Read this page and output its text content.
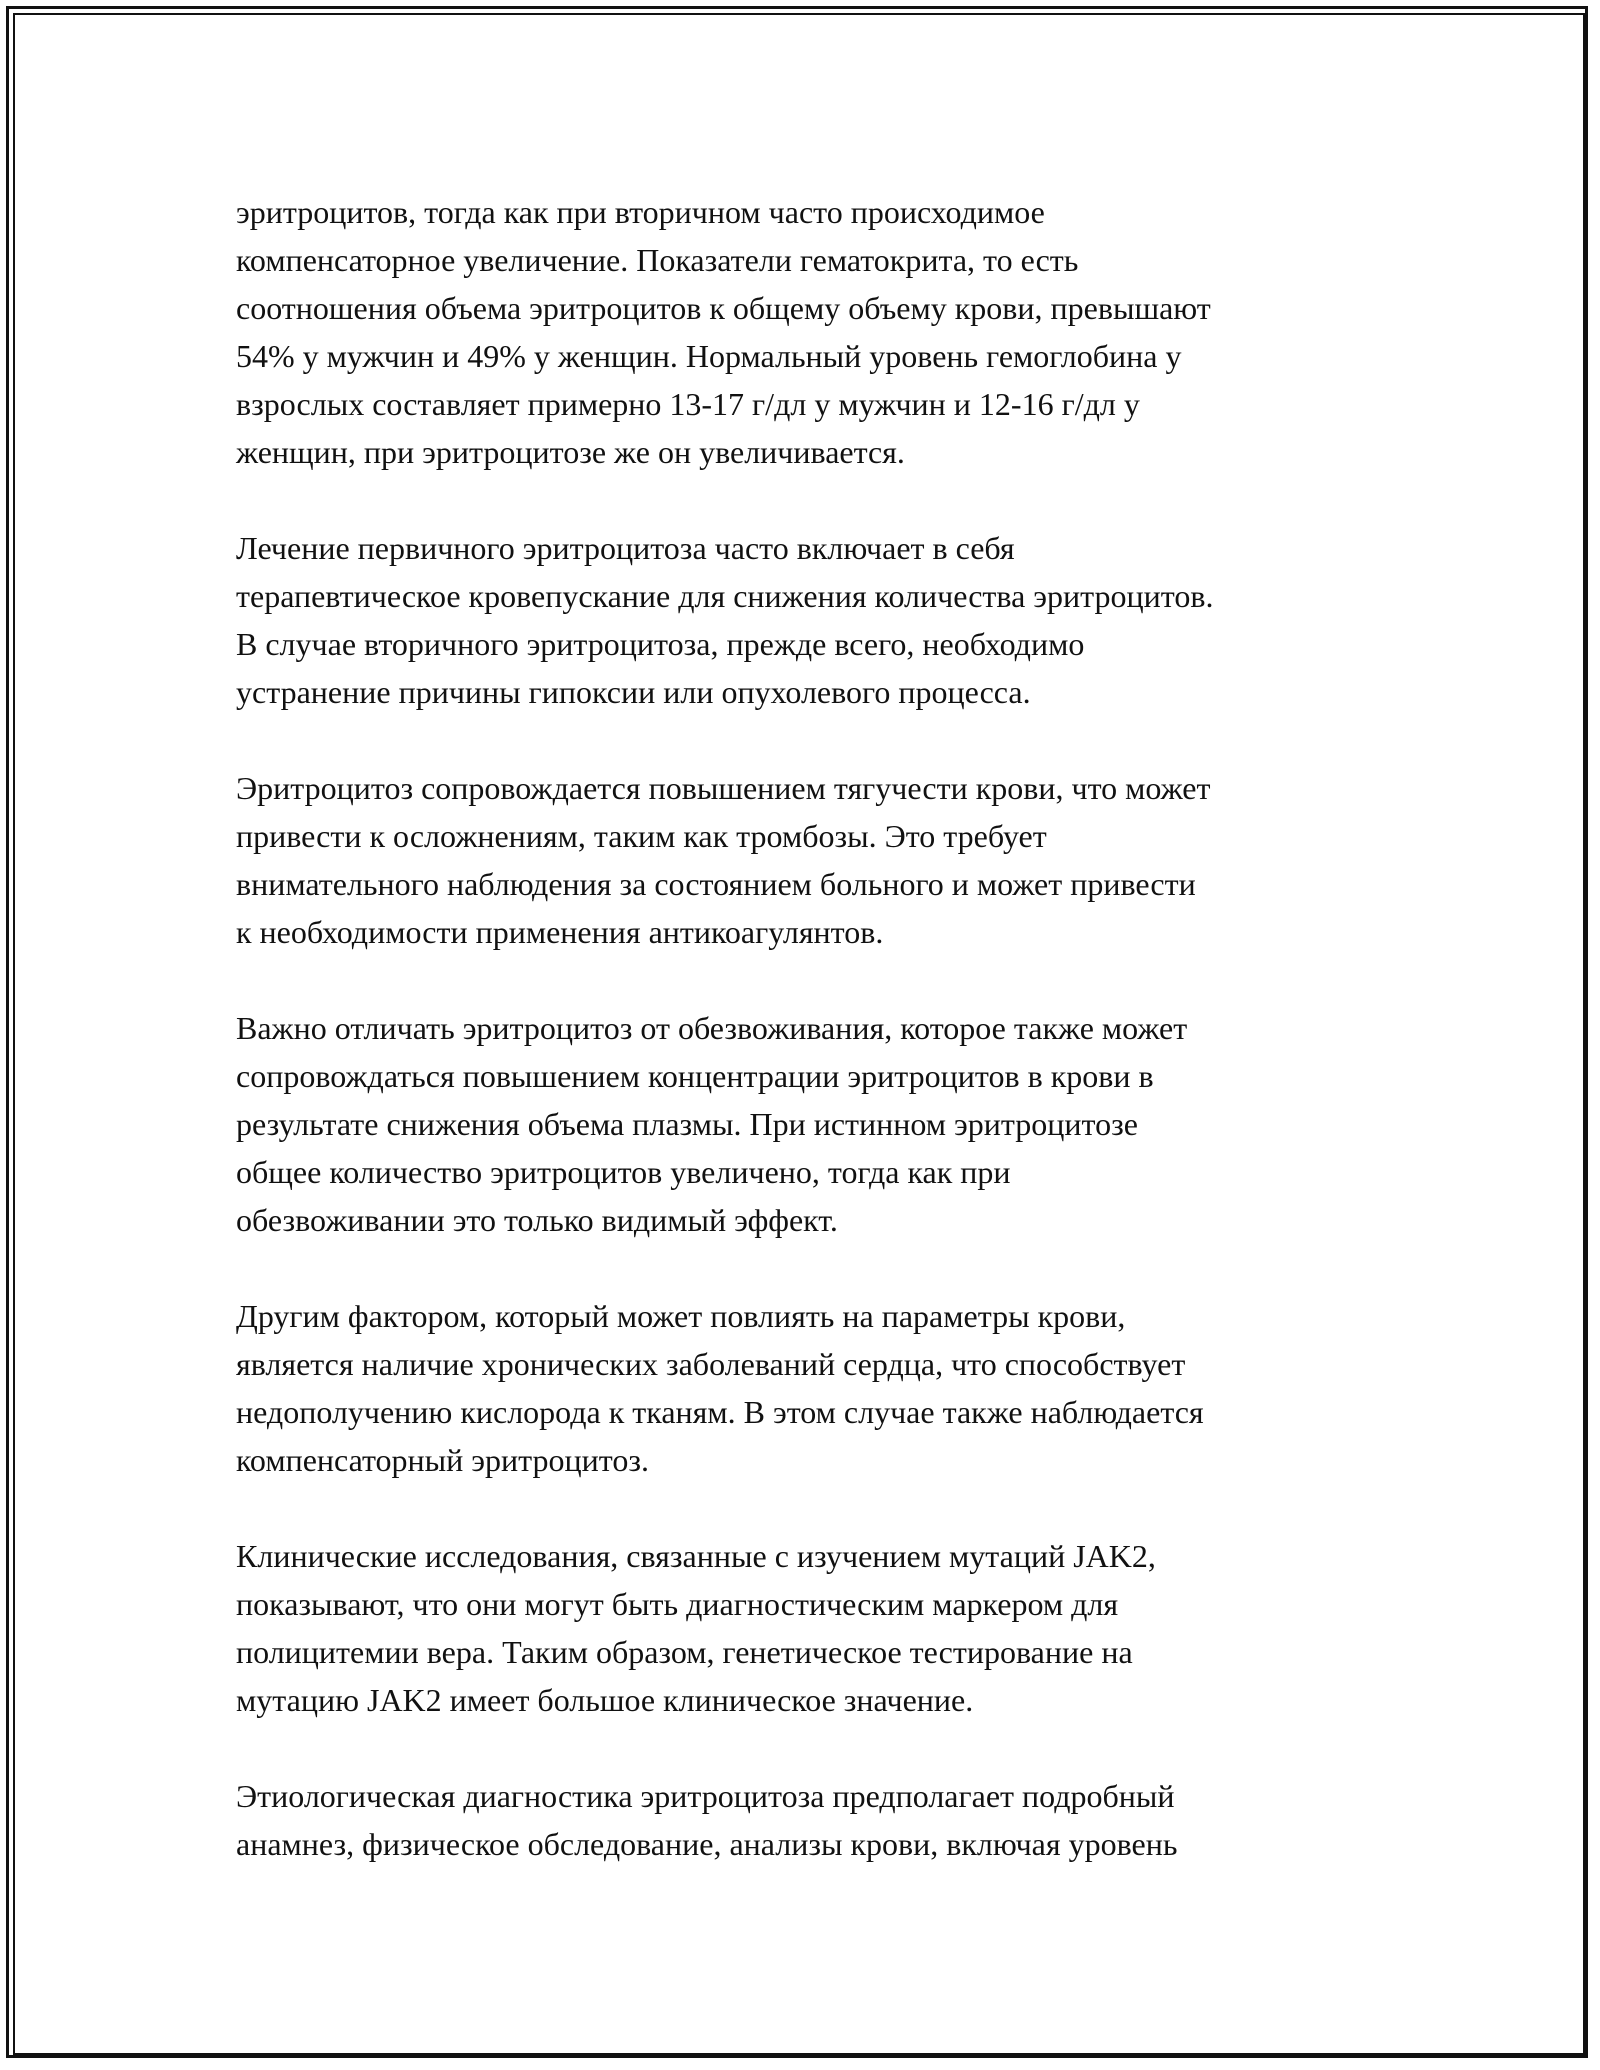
эритроцитов, тогда как при вторичном часто происходимое
компенсаторное увеличение. Показатели гематокрита, то есть
соотношения объема эритроцитов к общему объему крови, превышают
54% у мужчин и 49% у женщин. Нормальный уровень гемоглобина у
взрослых составляет примерно 13-17 г/дл у мужчин и 12-16 г/дл у
женщин, при эритроцитозе же он увеличивается.

Лечение первичного эритроцитоза часто включает в себя
терапевтическое кровепускание для снижения количества эритроцитов.
В случае вторичного эритроцитоза, прежде всего, необходимо
устранение причины гипоксии или опухолевого процесса.

Эритроцитоз сопровождается повышением тягучести крови, что может
привести к осложнениям, таким как тромбозы. Это требует
внимательного наблюдения за состоянием больного и может привести
к необходимости применения антикоагулянтов.

Важно отличать эритроцитоз от обезвоживания, которое также может
сопровождаться повышением концентрации эритроцитов в крови в
результате снижения объема плазмы. При истинном эритроцитозе
общее количество эритроцитов увеличено, тогда как при
обезвоживании это только видимый эффект.

Другим фактором, который может повлиять на параметры крови,
является наличие хронических заболеваний сердца, что способствует
недополучению кислорода к тканям. В этом случае также наблюдается
компенсаторный эритроцитоз.

Клинические исследования, связанные с изучением мутаций JAK2,
показывают, что они могут быть диагностическим маркером для
полицитемии вера. Таким образом, генетическое тестирование на
мутацию JAK2 имеет большое клиническое значение.

Этиологическая диагностика эритроцитоза предполагает подробный
анамнез, физическое обследование, анализы крови, включая уровень
